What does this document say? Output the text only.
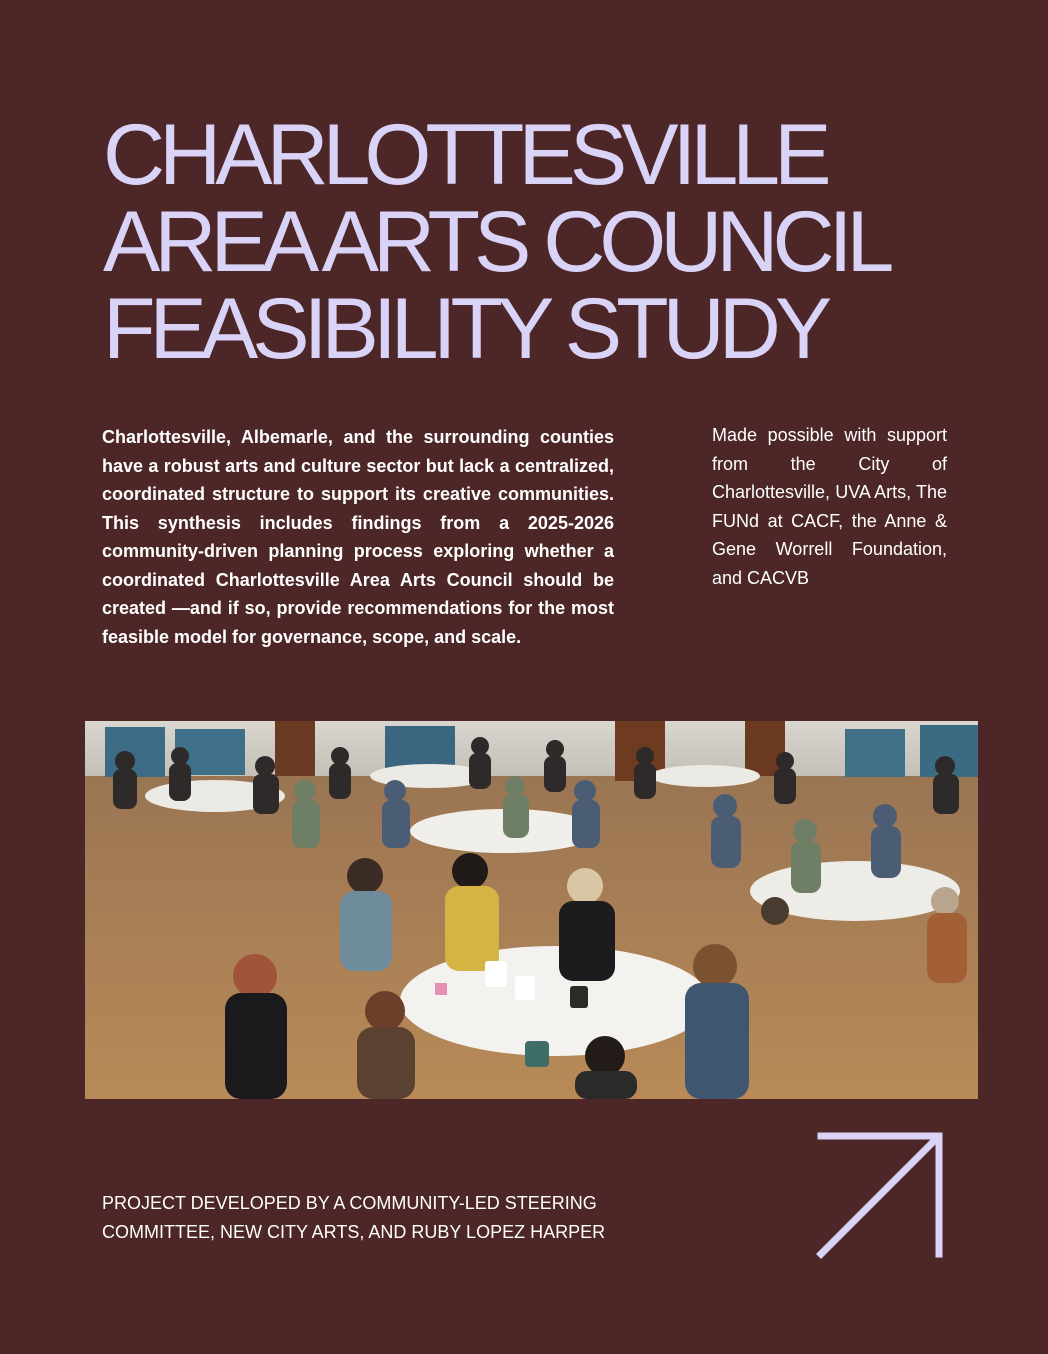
CHARLOTTESVILLE
AREA ARTS COUNCIL
FEASIBILITY STUDY

Charlottesville, Albemarle, and the surrounding counties have a robust arts and culture sector but lack a centralized, coordinated structure to support its creative communities. This synthesis includes findings from a 2025-2026 community-driven planning process exploring whether a coordinated Charlottesville Area Arts Council should be created —and if so, provide recommendations for the most feasible model for governance, scope, and scale.

Made possible with support from the City of Charlottesville, UVA Arts, The FUNd at CACF, the Anne & Gene Worrell Foundation, and CACVB

PROJECT DEVELOPED BY A COMMUNITY-LED STEERING
COMMITTEE, NEW CITY ARTS, AND RUBY LOPEZ HARPER
